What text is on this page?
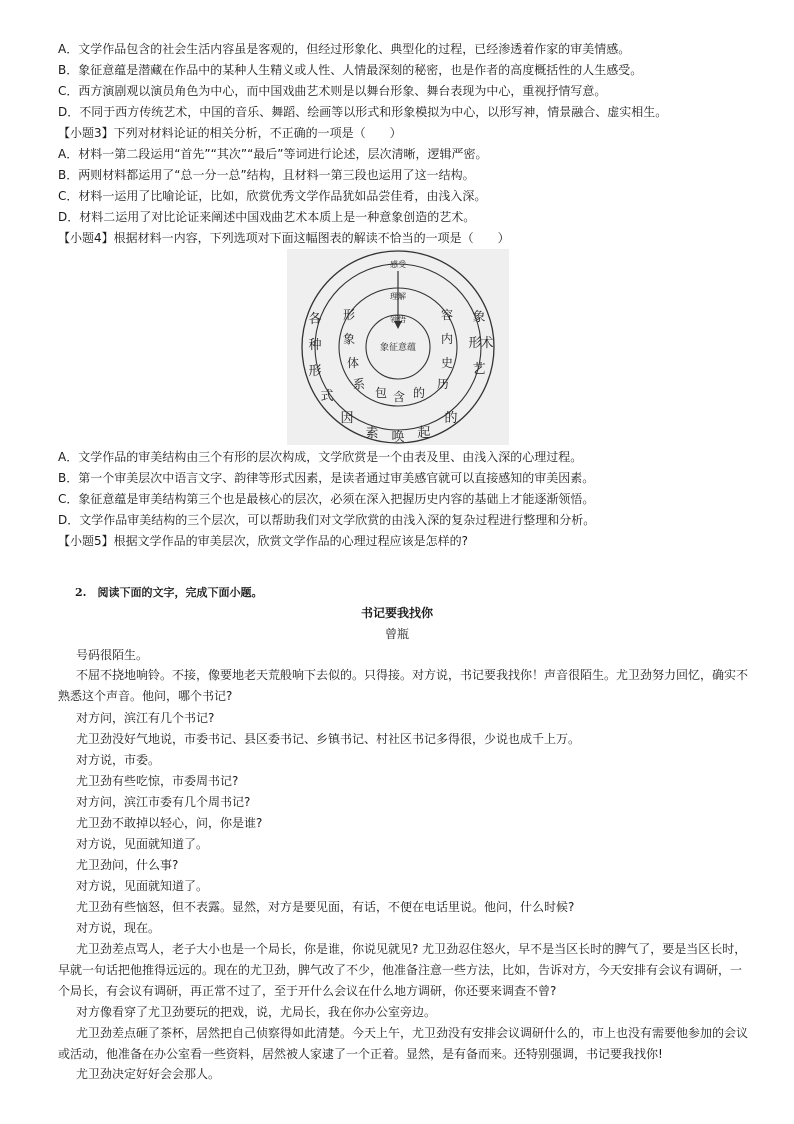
A．文学作品包含的社会生活内容虽是客观的，但经过形象化、典型化的过程，已经渗透着作家的审美情感。
B．象征意蕴是潜藏在作品中的某种人生精义或人性、人情最深刻的秘密，也是作者的高度概括性的人生感受。
C．西方演剧观以演员角色为中心，而中国戏曲艺术则是以舞台形象、舞台表现为中心，重视抒情写意。
D．不同于西方传统艺术，中国的音乐、舞蹈、绘画等以形式和形象模拟为中心，以形写神，情景融合、虚实相生。
【小题3】下列对材料论证的相关分析，不正确的一项是（　　）
A．材料一第二段运用“首先”“其次”“最后”等词进行论述，层次清晰，逻辑严密。
B．两则材料都运用了“总一分一总”结构，且材料一第三段也运用了这一结构。
C．材料一运用了比喻论证，比如，欣赏优秀文学作品犹如品尝佳肴，由浅入深。
D．材料二运用了对比论证来阐述中国戏曲艺术本质上是一种意象创造的艺术。
【小题4】根据材料一内容，下列选项对下面这幅图表的解读不恰当的一项是（　　）
象征意蕴
感受
理解
领悟
各
种
形
式
象
形
术
艺
因
素 唤 起
的
形
象
体
系
容
内
史
历
包 含 的
A．文学作品的审美结构由三个有形的层次构成，文学欣赏是一个由表及里、由浅入深的心理过程。
B．第一个审美层次中语言文字、韵律等形式因素，是读者通过审美感官就可以直接感知的审美因素。
C．象征意蕴是审美结构第三个也是最核心的层次，必须在深入把握历史内容的基础上才能逐渐领悟。
D．文学作品审美结构的三个层次，可以帮助我们对文学欣赏的由浅入深的复杂过程进行整理和分析。
【小题5】根据文学作品的审美层次，欣赏文学作品的心理过程应该是怎样的?
2.　阅读下面的文字，完成下面小题。
书记要我找你
曾瓶
号码很陌生。
不屈不挠地响铃。不接，像要地老天荒般响下去似的。只得接。对方说，书记要我找你！声音很陌生。尤卫劲努力回忆，确实不熟悉这个声音。他问，哪个书记?
对方问，滨江有几个书记?
尤卫劲没好气地说，市委书记、县区委书记、乡镇书记、村社区书记多得很，少说也成千上万。
对方说，市委。
尤卫劲有些吃惊，市委周书记?
对方问，滨江市委有几个周书记?
尤卫劲不敢掉以轻心，问，你是谁?
对方说，见面就知道了。
尤卫劲问，什么事?
对方说，见面就知道了。
尤卫劲有些恼怒，但不表露。显然，对方是要见面，有话，不便在电话里说。他问，什么时候?
对方说，现在。
尤卫劲差点骂人，老子大小也是一个局长，你是谁，你说见就见? 尤卫劲忍住怒火，早不是当区长时的脾气了，要是当区长时，早就一句话把他推得远远的。现在的尤卫劲，脾气改了不少，他准备注意一些方法，比如，告诉对方，今天安排有会议有调研，一个局长，有会议有调研，再正常不过了，至于开什么会议在什么地方调研，你还要来调查不曾?
对方像看穿了尤卫劲要玩的把戏，说，尤局长，我在你办公室旁边。
尤卫劲差点砸了茶杯，居然把自己侦察得如此清楚。今天上午，尤卫劲没有安排会议调研什么的，市上也没有需要他参加的会议或活动，他准备在办公室看一些资料，居然被人家逮了一个正着。显然，是有备而来。还特别强调，书记要我找你!
尤卫劲决定好好会会那人。
